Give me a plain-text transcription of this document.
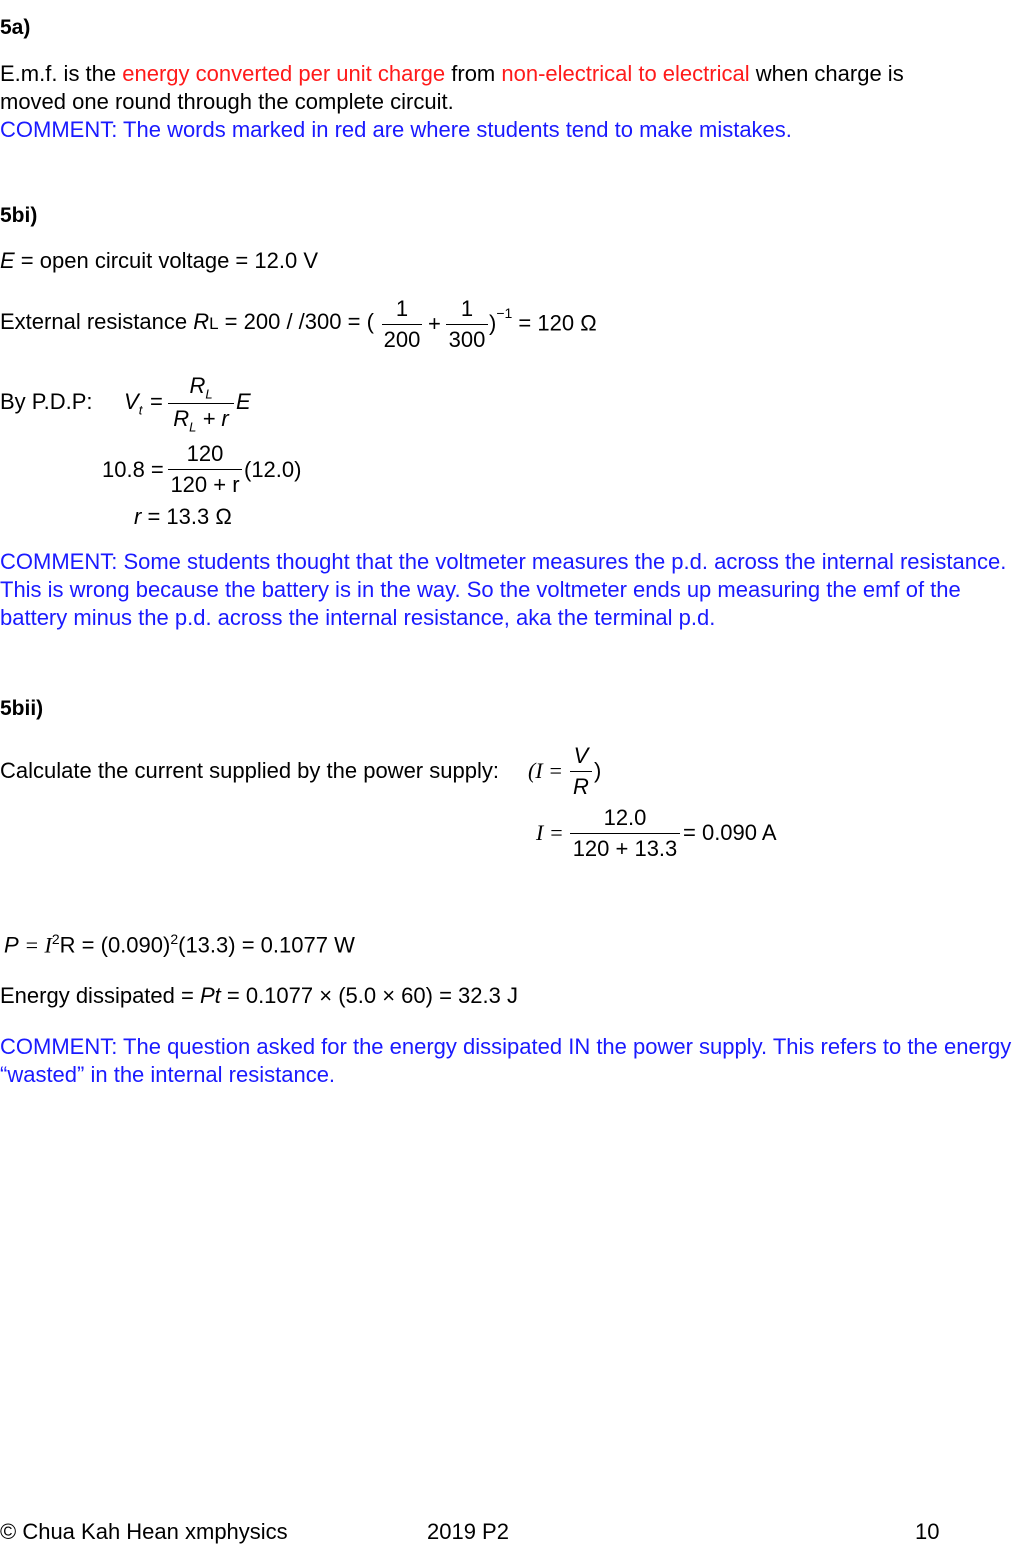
5a)
E.m.f. is the energy converted per unit charge from non-electrical to electrical when charge is
moved one round through the complete circuit.
COMMENT: The words marked in red are where students tend to make mistakes.
5bi)
E = open circuit voltage = 12.0 V
External resistance RL = 200 / /300 = (
1
200
+
1
300
)$^{-1}$ = 120 Ω
By P.D.P: $V_t$ =
$R_L$
$R_L + r$
E
10.8 =
120
120 + r
(12.0)
r = 13.3 Ω
COMMENT: Some students thought that the voltmeter measures the p.d. across the internal resistance. This is wrong because the battery is in the way. So the voltmeter ends up measuring the emf of the battery minus the p.d. across the internal resistance, aka the terminal p.d.
5bii)
Calculate the current supplied by the power supply: (I =
V
R
)
I =
12.0
120 + 13.3
= 0.090 A
$P = I^2R = (0.090)^2(13.3) = 0.1077$ W
Energy dissipated = Pt = 0.1077 × (5.0 × 60) = 32.3 J
COMMENT: The question asked for the energy dissipated IN the power supply. This refers to the energy “wasted” in the internal resistance.
© Chua Kah Hean xmphysics	2019 P2	10
